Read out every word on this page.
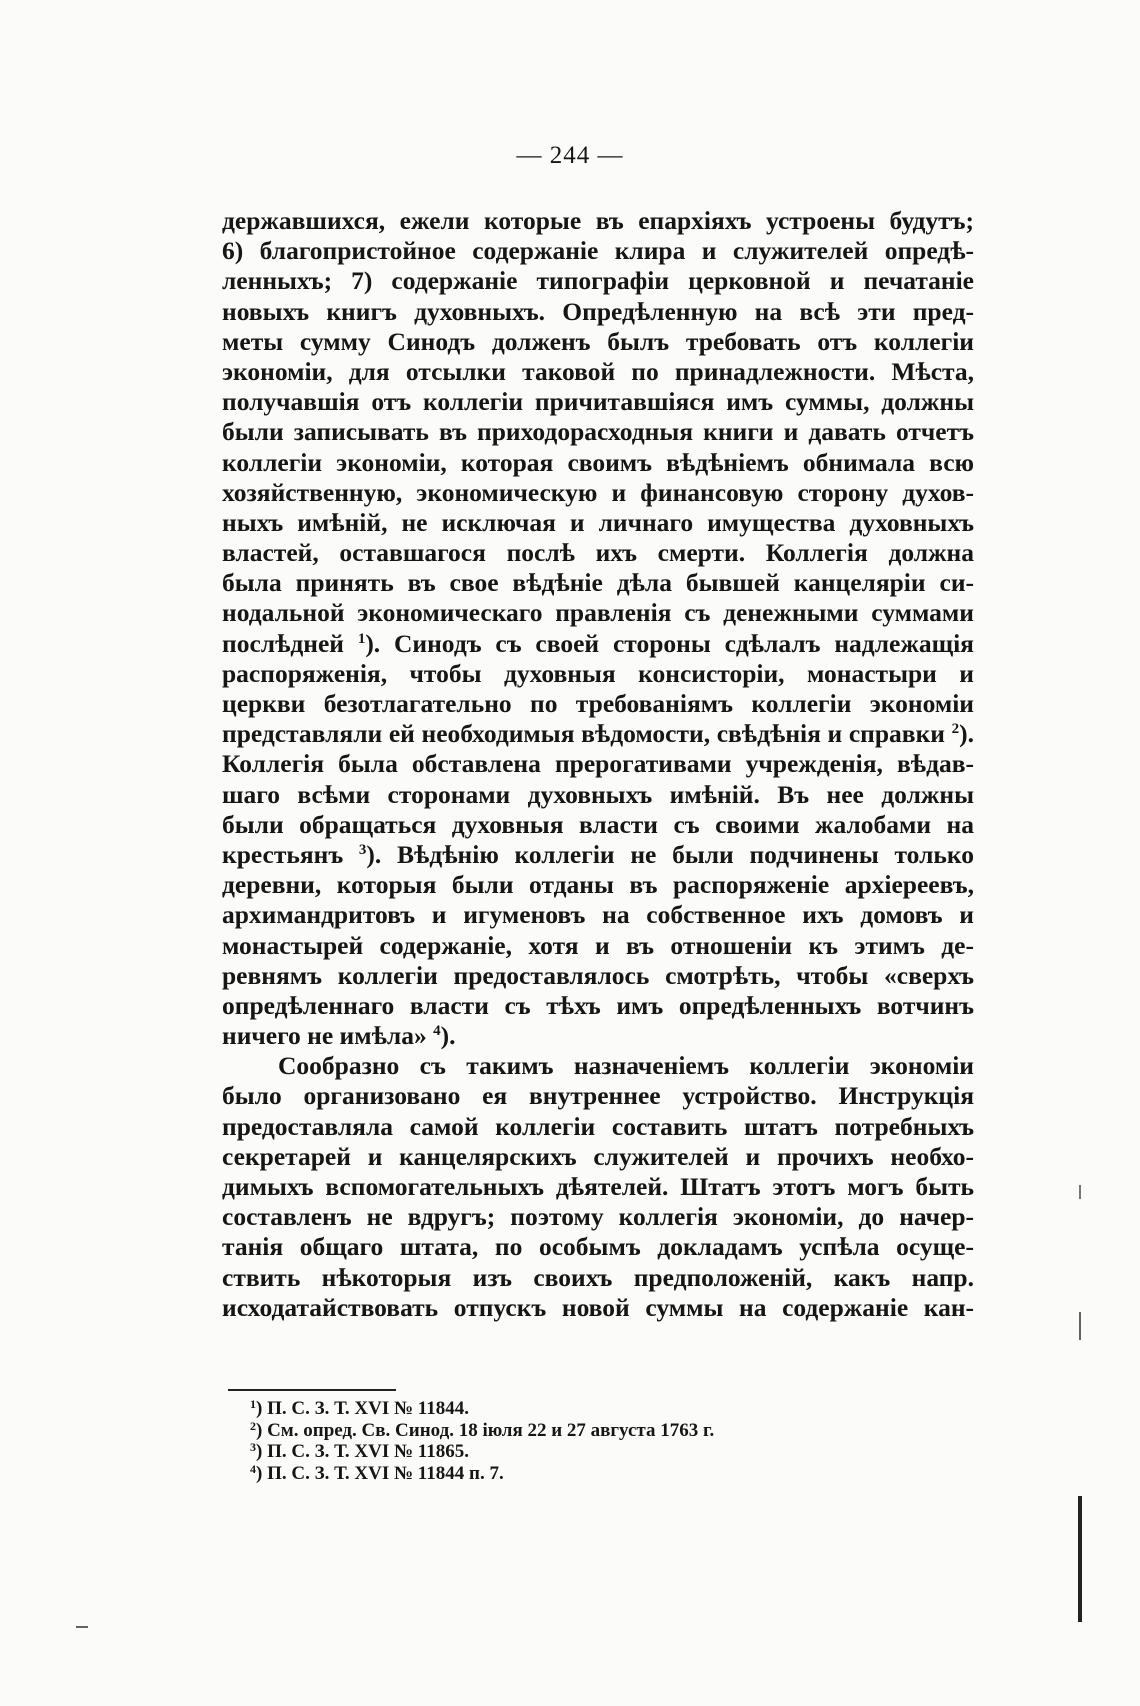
— 244 —
державшихся, ежели которые въ епархіяхъ устроены будутъ;
6) благопристойное содержаніе клира и служителей опредѣ-
ленныхъ; 7) содержаніе типографіи церковной и печатаніе
новыхъ книгъ духовныхъ. Опредѣленную на всѣ эти пред-
меты сумму Синодъ долженъ былъ требовать отъ коллегіи
экономіи, для отсылки таковой по принадлежности. Мѣста,
получавшія отъ коллегіи причитавшіяся имъ суммы, должны
были записывать въ приходорасходныя книги и давать отчетъ
коллегіи экономіи, которая своимъ вѣдѣніемъ обнимала всю
хозяйственную, экономическую и финансовую сторону духов-
ныхъ имѣній, не исключая и личнаго имущества духовныхъ
властей, оставшагося послѣ ихъ смерти. Коллегія должна
была принять въ свое вѣдѣніе дѣла бывшей канцеляріи си-
нодальной экономическаго правленія съ денежными суммами
послѣдней $^1$). Синодъ съ своей стороны сдѣлалъ надлежащія
распоряженія, чтобы духовныя консисторіи, монастыри и
церкви безотлагательно по требованіямъ коллегіи экономіи
представляли ей необходимыя вѣдомости, свѣдѣнія и справки $^2$).
Коллегія была обставлена прерогативами учрежденія, вѣдав-
шаго всѣми сторонами духовныхъ имѣній. Въ нее должны
были обращаться духовныя власти съ своими жалобами на
крестьянъ $^3$). Вѣдѣнію коллегіи не были подчинены только
деревни, которыя были отданы въ распоряженіе архіереевъ,
архимандритовъ и игуменовъ на собственное ихъ домовъ и
монастырей содержаніе, хотя и въ отношеніи къ этимъ де-
ревнямъ коллегіи предоставлялось смотрѣть, чтобы «сверхъ
опредѣленнаго власти съ тѣхъ имъ опредѣленныхъ вотчинъ
ничего не имѣла» $^4$).
Сообразно съ такимъ назначеніемъ коллегіи экономіи
было организовано ея внутреннее устройство. Инструкція
предоставляла самой коллегіи составить штатъ потребныхъ
секретарей и канцелярскихъ служителей и прочихъ необхо-
димыхъ вспомогательныхъ дѣятелей. Штатъ этотъ могъ быть
составленъ не вдругъ; поэтому коллегія экономіи, до начер-
танія общаго штата, по особымъ докладамъ успѣла осуще-
ствить нѣкоторыя изъ своихъ предположеній, какъ напр.
исходатайствовать отпускъ новой суммы на содержаніе кан-
$^1$) П. С. З. Т. XVI № 11844.
$^2$) См. опред. Св. Синод. 18 іюля 22 и 27 августа 1763 г.
$^3$) П. С. З. Т. XVI № 11865.
$^4$) П. С. З. Т. XVI № 11844 п. 7.
